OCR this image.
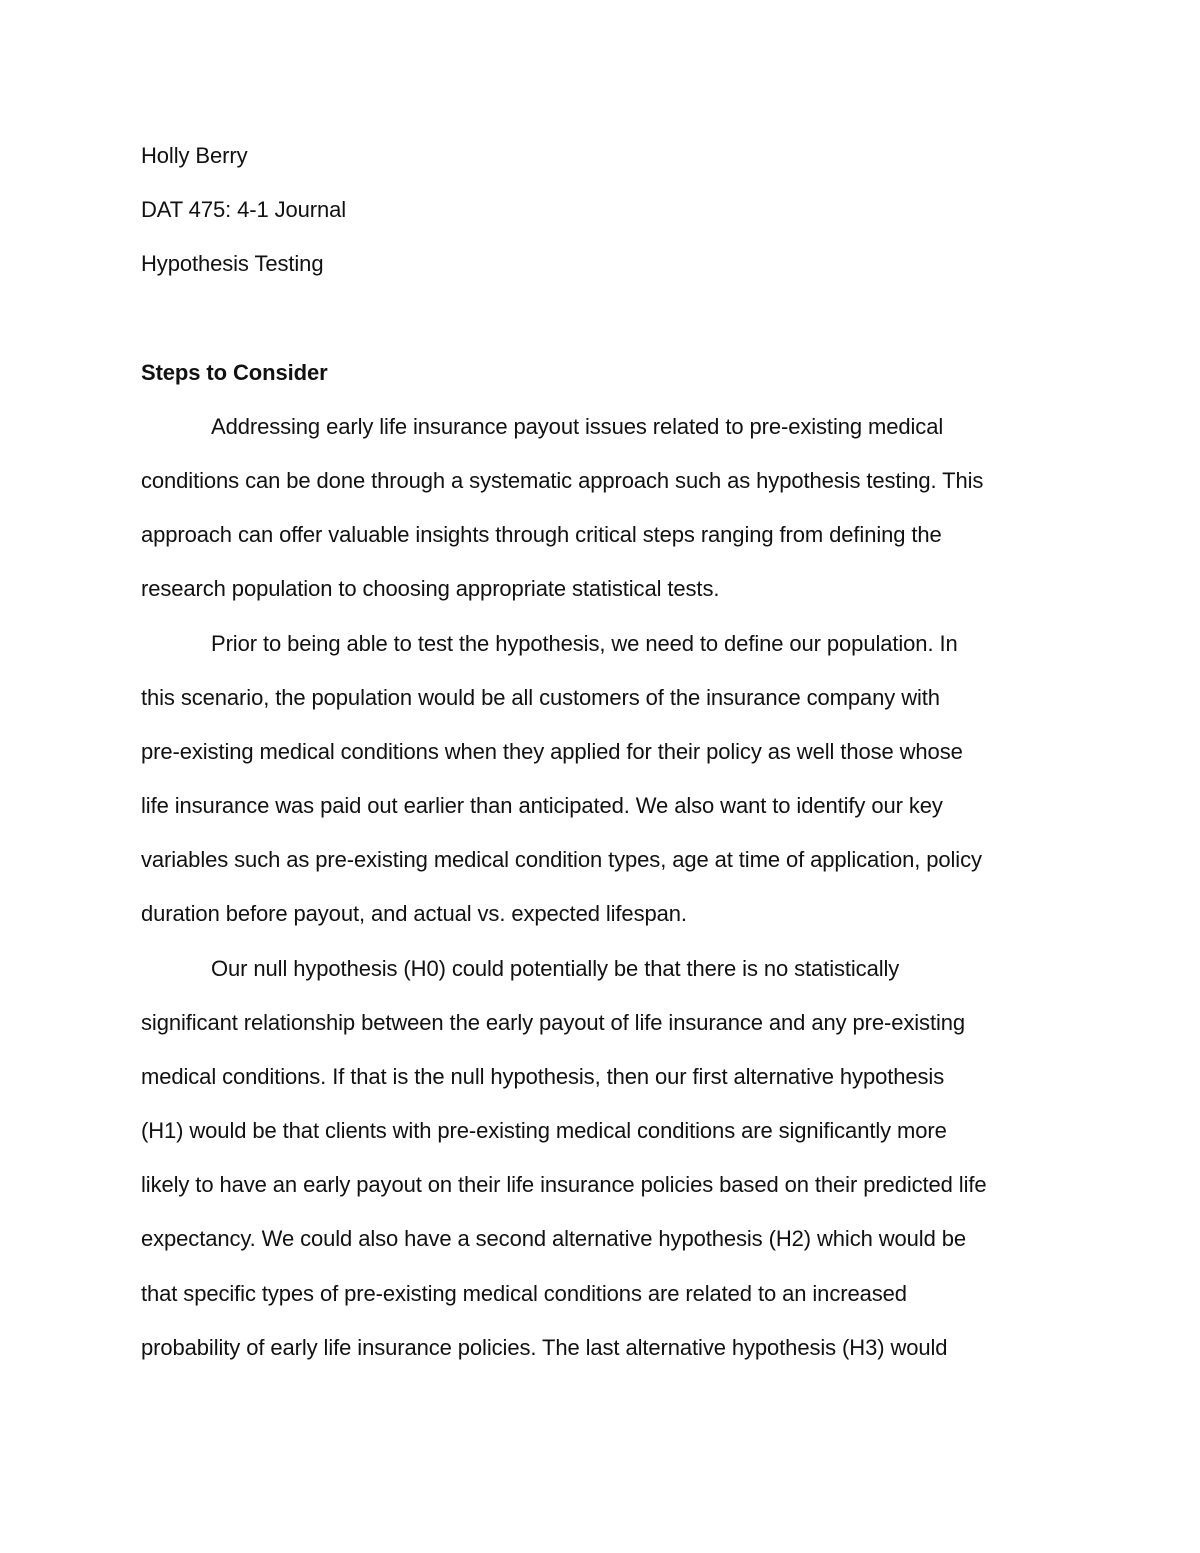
Holly Berry
DAT 475: 4-1 Journal
Hypothesis Testing
Steps to Consider
Addressing early life insurance payout issues related to pre-existing medical
conditions can be done through a systematic approach such as hypothesis testing. This
approach can offer valuable insights through critical steps ranging from defining the
research population to choosing appropriate statistical tests.
Prior to being able to test the hypothesis, we need to define our population. In
this scenario, the population would be all customers of the insurance company with
pre-existing medical conditions when they applied for their policy as well those whose
life insurance was paid out earlier than anticipated. We also want to identify our key
variables such as pre-existing medical condition types, age at time of application, policy
duration before payout, and actual vs. expected lifespan.
Our null hypothesis (H0) could potentially be that there is no statistically
significant relationship between the early payout of life insurance and any pre-existing
medical conditions. If that is the null hypothesis, then our first alternative hypothesis
(H1) would be that clients with pre-existing medical conditions are significantly more
likely to have an early payout on their life insurance policies based on their predicted life
expectancy. We could also have a second alternative hypothesis (H2) which would be
that specific types of pre-existing medical conditions are related to an increased
probability of early life insurance policies. The last alternative hypothesis (H3) would
